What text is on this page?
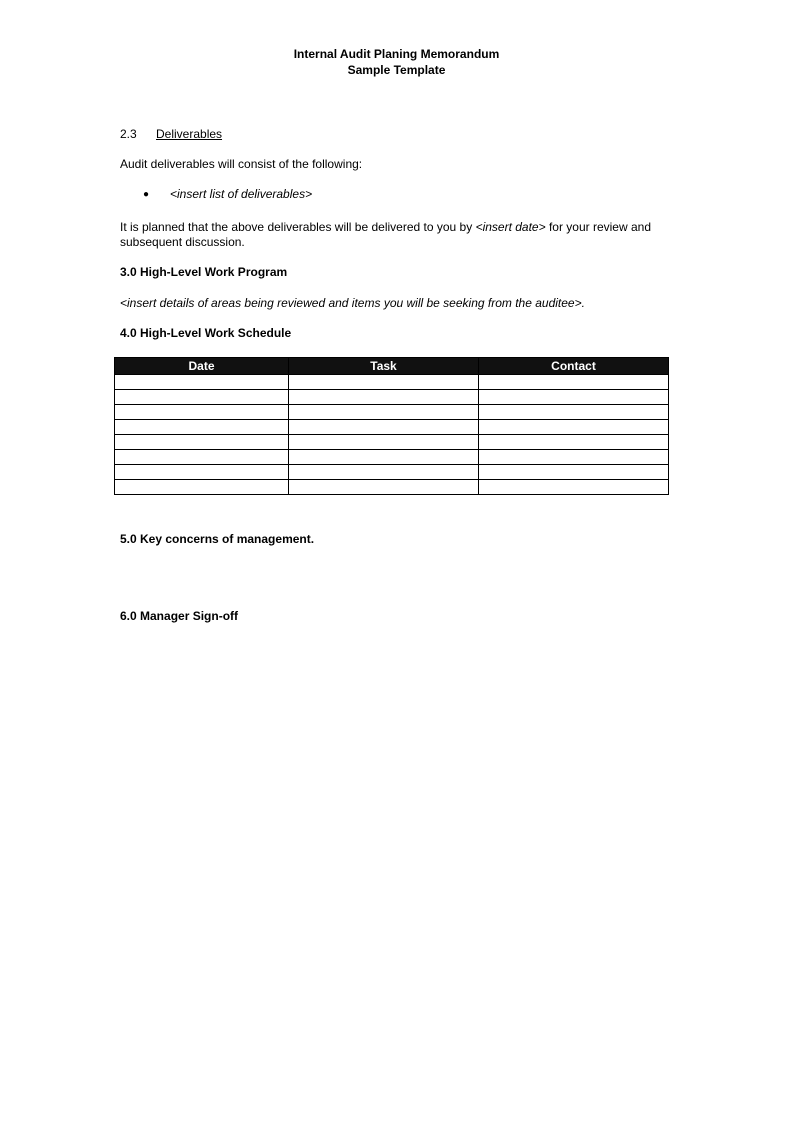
Internal Audit Planing Memorandum
Sample Template
2.3 Deliverables
Audit deliverables will consist of the following:
● <insert list of deliverables>
It is planned that the above deliverables will be delivered to you by <insert date> for your review and subsequent discussion.
3.0 High-Level Work Program
<insert details of areas being reviewed and items you will be seeking from the auditee>.
4.0 High-Level Work Schedule
Date	Task	Contact

5.0 Key concerns of management.
6.0 Manager Sign-off
